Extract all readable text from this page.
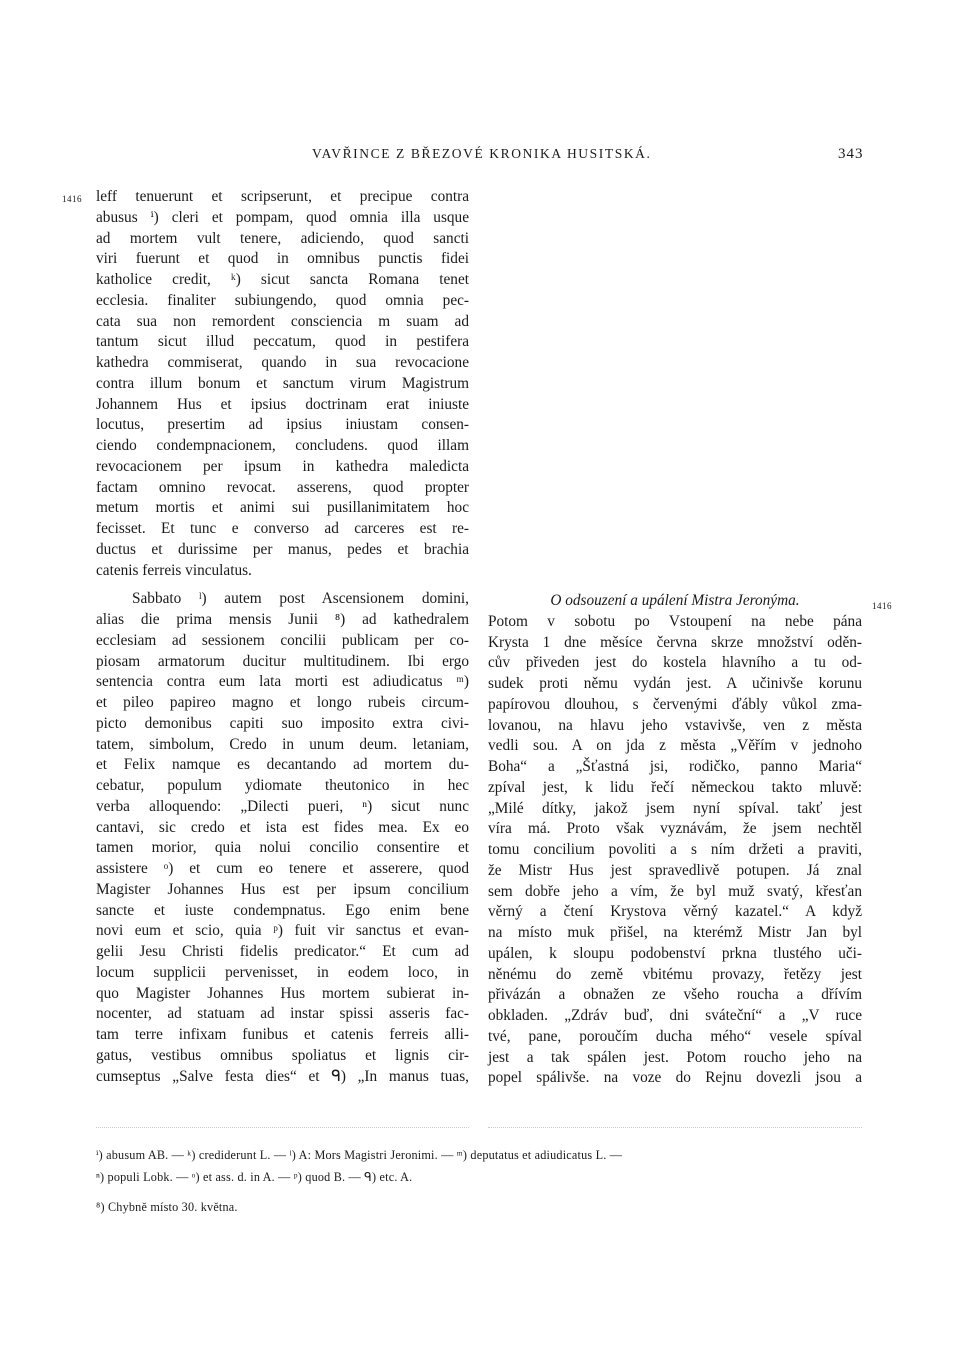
VAVŘINCE Z BŘEZOVÉ KRONIKA HUSITSKÁ.	343
1416
1416
leff tenuerunt et scripserunt, et precipue contra
abusus ⁱ) cleri et pompam, quod omnia illa usque
ad mortem vult tenere, adiciendo, quod sancti
viri fuerunt et quod in omnibus punctis fidei
katholice credit, ᵏ) sicut sancta Romana tenet
ecclesia. finaliter subiungendo, quod omnia pec-
cata sua non remordent consciencia m suam ad
tantum sicut illud peccatum, quod in pestifera
kathedra commiserat, quando in sua revocacione
contra illum bonum et sanctum virum Magistrum
Johannem Hus et ipsius doctrinam erat iniuste
locutus, presertim ad ipsius iniustam consen-
ciendo condempnacionem, concludens. quod illam
revocacionem per ipsum in kathedra maledicta
factam omnino revocat. asserens, quod propter
metum mortis et animi sui pusillanimitatem hoc
fecisset. Et tunc e converso ad carceres est re-
ductus et durissime per manus, pedes et brachia
catenis ferreis vinculatus.
Sabbato ˡ) autem post Ascensionem domini,
alias die prima mensis Junii ⁸) ad kathedralem
ecclesiam ad sessionem concilii publicam per co-
piosam armatorum ducitur multitudinem. Ibi ergo
sentencia contra eum lata morti est adiudicatus ᵐ)
et pileo papireo magno et longo rubeis circum-
picto demonibus capiti suo imposito extra civi-
tatem, simbolum, Credo in unum deum. letaniam,
et Felix namque es decantando ad mortem du-
cebatur, populum ydiomate theutonico in hec
verba alloquendo: „Dilecti pueri, ⁿ) sicut nunc
cantavi, sic credo et ista est fides mea. Ex eo
tamen morior, quia nolui concilio consentire et
assistere ᵒ) et cum eo tenere et asserere, quod
Magister Johannes Hus est per ipsum concilium
sancte et iuste condempnatus. Ego enim bene
novi eum et scio, quia ᵖ) fuit vir sanctus et evan-
gelii Jesu Christi fidelis predicator.“ Et cum ad
locum supplicii pervenisset, in eodem loco, in
quo Magister Johannes Hus mortem subierat in-
nocenter, ad statuam ad instar spissi asseris fac-
tam terre infixam funibus et catenis ferreis alli-
gatus, vestibus omnibus spoliatus et lignis cir-
cumseptus „Salve festa dies“ et ᑫ) „In manus tuas,
O odsouzení a upálení Mistra Jeronýma.
Potom v sobotu po Vstoupení na nebe pána
Krysta 1 dne měsíce června skrze množství oděn-
cův přiveden jest do kostela hlavního a tu od-
sudek proti němu vydán jest. A učinivše korunu
papírovou dlouhou, s červenými ďábly vůkol zma-
lovanou, na hlavu jeho vstavivše, ven z města
vedli sou. A on jda z města „Věřím v jednoho
Boha“ a „Šťastná jsi, rodičko, panno Maria“
zpíval jest, k lidu řečí německou takto mluvě:
„Milé dítky, jakož jsem nyní spíval. takť jest
víra má. Proto však vyznávám, že jsem nechtěl
tomu concilium povoliti a s ním držeti a praviti,
že Mistr Hus jest spravedlivě potupen. Já znal
sem dobře jeho a vím, že byl muž svatý, křesťan
věrný a čtení Krystova věrný kazatel.“ A když
na místo muk přišel, na kterémž Mistr Jan byl
upálen, k sloupu podobenství prkna tlustého uči-
něnému do země vbitému provazy, řetězy jest
přivázán a obnažen ze všeho roucha a dřívím
obkladen. „Zdráv buď, dni sváteční“ a „V ruce
tvé, pane, poroučím ducha mého“ vesele spíval
jest a tak spálen jest. Potom roucho jeho na
popel spálivše. na voze do Rejnu dovezli jsou a
ⁱ) abusum AB. — ᵏ) crediderunt L. — ˡ) A: Mors Magistri Jeronimi. — ᵐ) deputatus et adiudicatus L. —
ⁿ) populi Lobk. — ᵒ) et ass. d. in A. — ᵖ) quod B. — ᑫ) etc. A.
⁸) Chybně místo 30. května.
